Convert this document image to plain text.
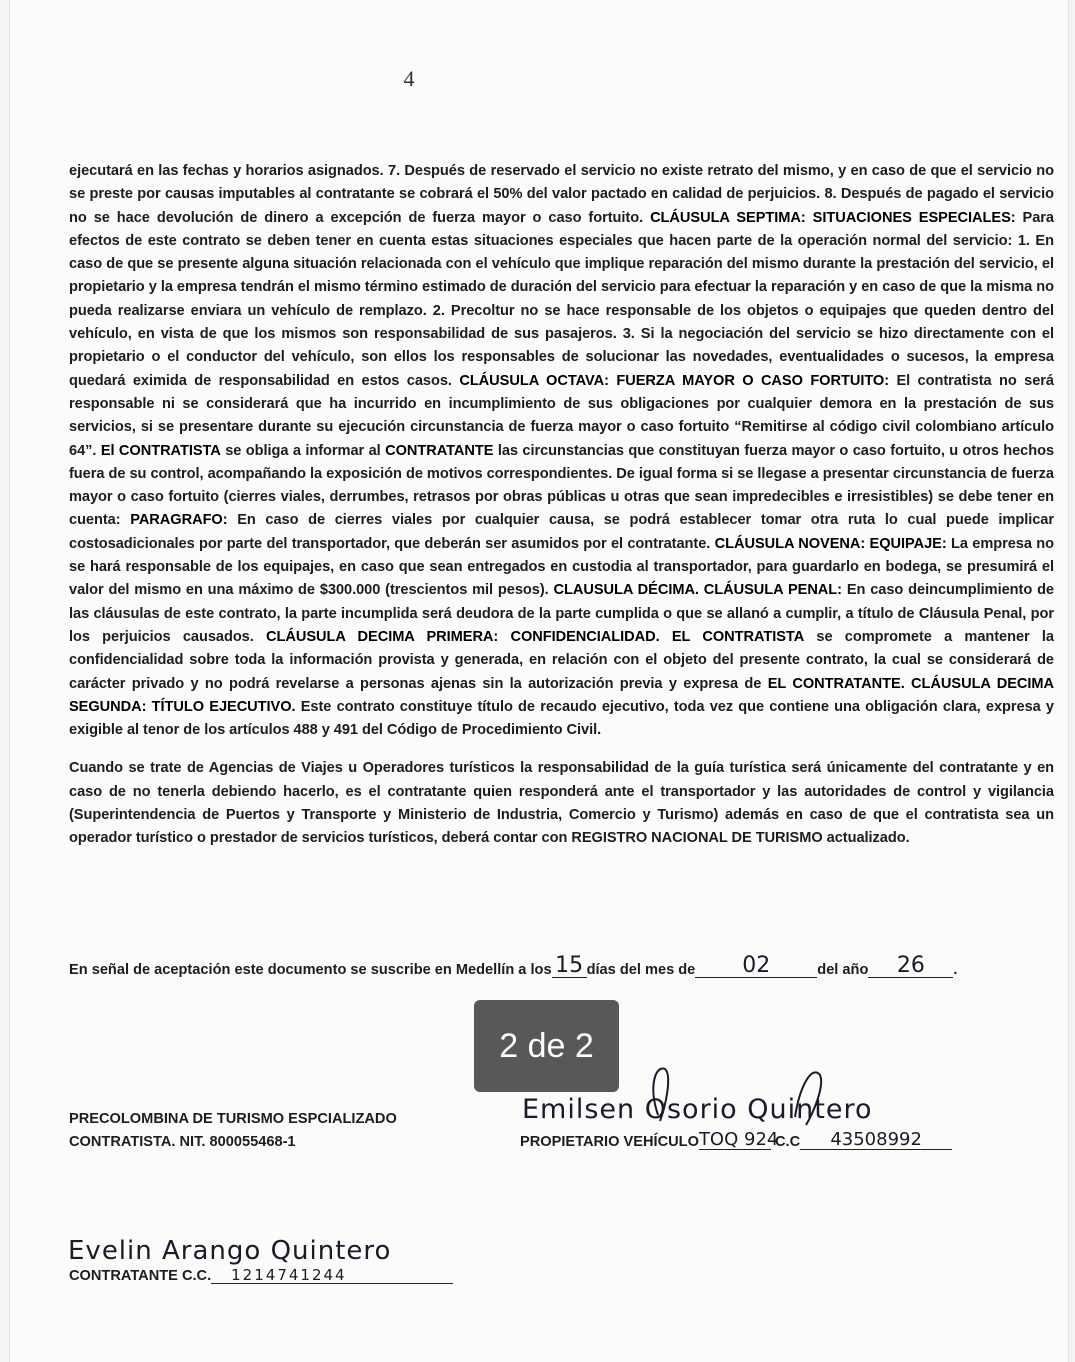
4

ejecutará en las fechas y horarios asignados. 7. Después de reservado el servicio no existe retrato del mismo, y en caso de que el servicio no se preste por causas imputables al contratante se cobrará el 50% del valor pactado en calidad de perjuicios. 8. Después de pagado el servicio no se hace devolución de dinero a excepción de fuerza mayor o caso fortuito. CLÁUSULA SEPTIMA: SITUACIONES ESPECIALES: Para efectos de este contrato se deben tener en cuenta estas situaciones especiales que hacen parte de la operación normal del servicio: 1. En caso de que se presente alguna situación relacionada con el vehículo que implique reparación del mismo durante la prestación del servicio, el propietario y la empresa tendrán el mismo término estimado de duración del servicio para efectuar la reparación y en caso de que la misma no pueda realizarse enviara un vehículo de remplazo. 2. Precoltur no se hace responsable de los objetos o equipajes que queden dentro del vehículo, en vista de que los mismos son responsabilidad de sus pasajeros. 3. Si la negociación del servicio se hizo directamente con el propietario o el conductor del vehículo, son ellos los responsables de solucionar las novedades, eventualidades o sucesos, la empresa quedará eximida de responsabilidad en estos casos. CLÁUSULA OCTAVA: FUERZA MAYOR O CASO FORTUITO: El contratista no será responsable ni se considerará que ha incurrido en incumplimiento de sus obligaciones por cualquier demora en la prestación de sus servicios, si se presentare durante su ejecución circunstancia de fuerza mayor o caso fortuito “Remitirse al código civil colombiano artículo 64”. El CONTRATISTA se obliga a informar al CONTRATANTE las circunstancias que constituyan fuerza mayor o caso fortuito, u otros hechos fuera de su control, acompañando la exposición de motivos correspondientes. De igual forma si se llegase a presentar circunstancia de fuerza mayor o caso fortuito (cierres viales, derrumbes, retrasos por obras públicas u otras que sean impredecibles e irresistibles) se debe tener en cuenta: PARAGRAFO: En caso de cierres viales por cualquier causa, se podrá establecer tomar otra ruta lo cual puede implicar costosadicionales por parte del transportador, que deberán ser asumidos por el contratante. CLÁUSULA NOVENA: EQUIPAJE: La empresa no se hará responsable de los equipajes, en caso que sean entregados en custodia al transportador, para guardarlo en bodega, se presumirá el valor del mismo en una máximo de $300.000 (trescientos mil pesos). CLAUSULA DÉCIMA. CLÁUSULA PENAL: En caso deincumplimiento de las cláusulas de este contrato, la parte incumplida será deudora de la parte cumplida o que se allanó a cumplir, a título de Cláusula Penal, por los perjuicios causados. CLÁUSULA DECIMA PRIMERA: CONFIDENCIALIDAD. EL CONTRATISTA se compromete a mantener la confidencialidad sobre toda la información provista y generada, en relación con el objeto del presente contrato, la cual se considerará de carácter privado y no podrá revelarse a personas ajenas sin la autorización previa y expresa de EL CONTRATANTE. CLÁUSULA DECIMA SEGUNDA: TÍTULO EJECUTIVO. Este contrato constituye título de recaudo ejecutivo, toda vez que contiene una obligación clara, expresa y exigible al tenor de los artículos 488 y 491 del Código de Procedimiento Civil.

Cuando se trate de Agencias de Viajes u Operadores turísticos la responsabilidad de la guía turística será únicamente del contratante y en caso de no tenerla debiendo hacerlo, es el contratante quien responderá ante el transportador y las autoridades de control y vigilancia (Superintendencia de Puertos y Transporte y Ministerio de Industria, Comercio y Turismo) además en caso de que el contratista sea un operador turístico o prestador de servicios turísticos, deberá contar con REGISTRO NACIONAL DE TURISMO actualizado.

En señal de aceptación este documento se suscribe en Medellín a los 15 días del mes de 02	del año 26 .
PRECOLOMBINA DE TURISMO ESPCIALIZADO
CONTRATISTA. NIT. 800055468-1
Emilsen Osorio Quintero
PROPIETARIO VEHÍCULOTOQ 924 C.C 43508992
2 de 2
Evelin Arango Quintero
CONTRATANTE C.C. 1214741244
